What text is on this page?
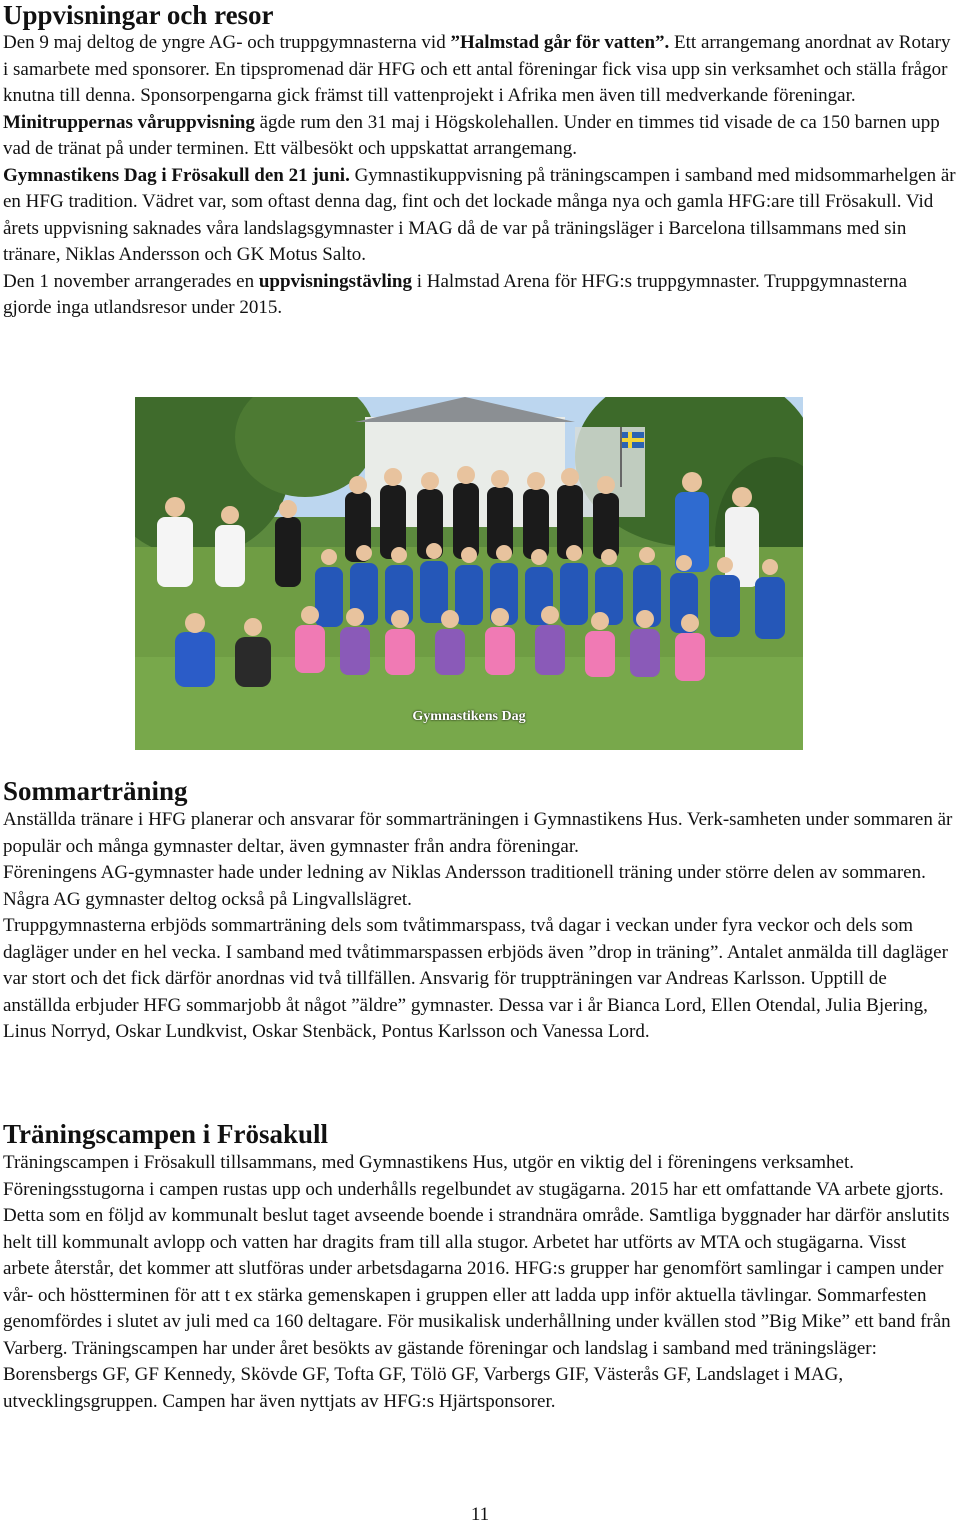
Uppvisningar och resor

Den 9 maj deltog de yngre AG- och truppgymnasterna vid ”Halmstad går för vatten”. Ett arrangemang anordnat av Rotary i samarbete med sponsorer. En tipspromenad där HFG och ett antal föreningar fick visa upp sin verksamhet och ställa frågor knutna till denna. Sponsorpengarna gick främst till vattenprojekt i Afrika men även till medverkande föreningar.

Minitruppernas våruppvisning ägde rum den 31 maj i Högskolehallen. Under en timmes tid visade de ca 150 barnen upp vad de tränat på under terminen. Ett välbesökt och uppskattat arrangemang.

Gymnastikens Dag i Frösakull den 21 juni. Gymnastikuppvisning på träningscampen i samband med midsommarhelgen är en HFG tradition. Vädret var, som oftast denna dag, fint och det lockade många nya och gamla HFG:are till Frösakull. Vid årets uppvisning saknades våra landslagsgymnaster i MAG då de var på träningsläger i Barcelona tillsammans med sin tränare, Niklas Andersson och GK Motus Salto.

Den 1 november arrangerades en uppvisningstävling i Halmstad Arena för HFG:s truppgymnaster. Truppgymnasterna gjorde inga utlandsresor under 2015.

Gymnastikens Dag
Sommarträning

Anställda tränare i HFG planerar och ansvarar för sommarträningen i Gymnastikens Hus. Verk-samheten under sommaren är populär och många gymnaster deltar, även gymnaster från andra föreningar.

Föreningens AG-gymnaster hade under ledning av Niklas Andersson traditionell träning under större delen av sommaren. Några AG gymnaster deltog också på Lingvallslägret.

Truppgymnasterna erbjöds sommarträning dels som tvåtimmarspass, två dagar i veckan under fyra veckor och dels som dagläger under en hel vecka. I samband med tvåtimmarspassen erbjöds även ”drop in träning”. Antalet anmälda till dagläger var stort och det fick därför anordnas vid två tillfällen. Ansvarig för truppträningen var Andreas Karlsson. Upptill de anställda erbjuder HFG sommarjobb åt något ”äldre” gymnaster. Dessa var i år Bianca Lord, Ellen Otendal, Julia Bjering, Linus Norryd, Oskar Lundkvist, Oskar Stenbäck, Pontus Karlsson och Vanessa Lord.

Träningscampen i Frösakull

Träningscampen i Frösakull tillsammans, med Gymnastikens Hus, utgör en viktig del i föreningens verksamhet. Föreningsstugorna i campen rustas upp och underhålls regelbundet av stugägarna. 2015 har ett omfattande VA arbete gjorts. Detta som en följd av kommunalt beslut taget avseende boende i strandnära område. Samtliga byggnader har därför anslutits helt till kommunalt avlopp och vatten har dragits fram till alla stugor. Arbetet har utförts av MTA och stugägarna. Visst arbete återstår, det kommer att slutföras under arbetsdagarna 2016. HFG:s grupper har genomfört samlingar i campen under vår- och höstterminen för att t ex stärka gemenskapen i gruppen eller att ladda upp inför aktuella tävlingar. Sommarfesten genomfördes i slutet av juli med ca 160 deltagare. För musikalisk underhållning under kvällen stod ”Big Mike” ett band från Varberg. Träningscampen har under året besökts av gästande föreningar och landslag i samband med träningsläger: Borensbergs GF, GF Kennedy, Skövde GF, Tofta GF, Tölö GF, Varbergs GIF, Västerås GF, Landslaget i MAG, utvecklingsgruppen. Campen har även nyttjats av HFG:s Hjärtsponsorer.

11
